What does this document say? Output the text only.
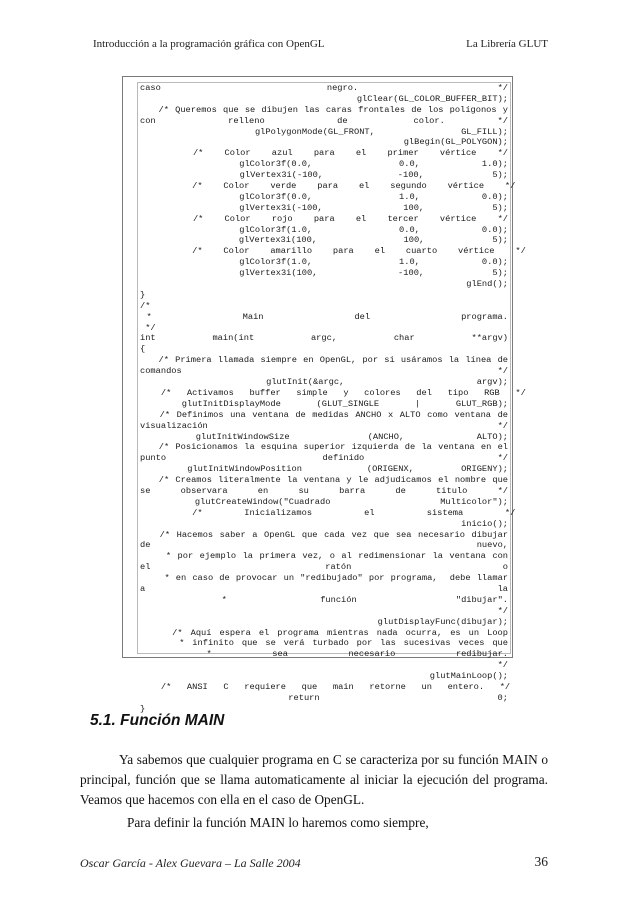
Introducción a la programación gráfica con OpenGL	La Librería GLUT
caso                         negro.                     */
glClear(GL_COLOR_BUFFER_BIT);
/* Queremos que se dibujen las caras frontales de los polígonos y
con           relleno           de          color.        */
glPolygonMode(GL_FRONT,            GL_FILL);
glBegin(GL_POLYGON);
/*    Color    azul    para    el    primer    vértice    */
glColor3f(0.0,              0.0,          1.0);
glVertex3i(-100,            -100,           5);
/*    Color    verde    para    el    segundo    vértice    */
glColor3f(0.0,              1.0,          0.0);
glVertex3i(-100,             100,           5);
/*    Color    rojo    para    el    tercer    vértice    */
glColor3f(1.0,              0.0,          0.0);
glVertex3i(100,              100,           5);
/*    Color    amarillo    para    el    cuarto    vértice    */
glColor3f(1.0,              1.0,          0.0);
glVertex3i(100,             -100,           5);
glEnd();
}
/*
*              Main              del              programa.
*/
int          main(int          argc,          char          **argv)
{
/* Primera llamada siempre en OpenGL, por si usáramos la línea de
comandos                                                       */
glutInit(&argc,                     argv);
/*   Activamos   buffer   simple   y   colores   del   tipo   RGB   */
glutInitDisplayMode      (GLUT_SINGLE      |      GLUT_RGB);
/* Definimos una ventana de medidas ANCHO x ALTO como ventana de
visualización                                                  */
glutInitWindowSize              (ANCHO,             ALTO);
/* Posicionamos la esquina superior izquierda de la ventana en el
punto                           definido                       */
glutInitWindowPosition           (ORIGENX,        ORIGENY);
/* Creamos literalmente la ventana y le adjudicamos el nombre que
se     observara     en     su     barra     de     titulo     */
glutCreateWindow("Cuadrado                  Multicolor");
/*        Inicializamos          el          sistema        */
inicio();
/* Hacemos saber a OpenGL que cada vez que sea necesario dibujar
de                                                        nuevo,
* por ejemplo la primera vez, o al redimensionar la ventana con
el                              ratón                          o
* en caso de provocar un "redibujado" por programa,  debe llamar
a                                                             la
*                función                 "dibujar".
*/
glutDisplayFunc(dibujar);
/* Aquí espera el programa mientras nada ocurra, es un Loop
* infinito que se verá turbado por las sucesivas veces que
*          sea          necesario          redibujar.
*/
glutMainLoop();
/*   ANSI   C   requiere   que   main   retorne   un   entero.   */
return                              0;
}
5.1. Función MAIN

Ya sabemos que cualquier programa en C se caracteriza por su función MAIN o principal, función que se llama automaticamente al iniciar la ejecución del programa. Veamos que hacemos con ella en el caso de OpenGL.

Para definir la función MAIN lo haremos como siempre,

Oscar García - Alex Guevara – La Salle 2004	36
